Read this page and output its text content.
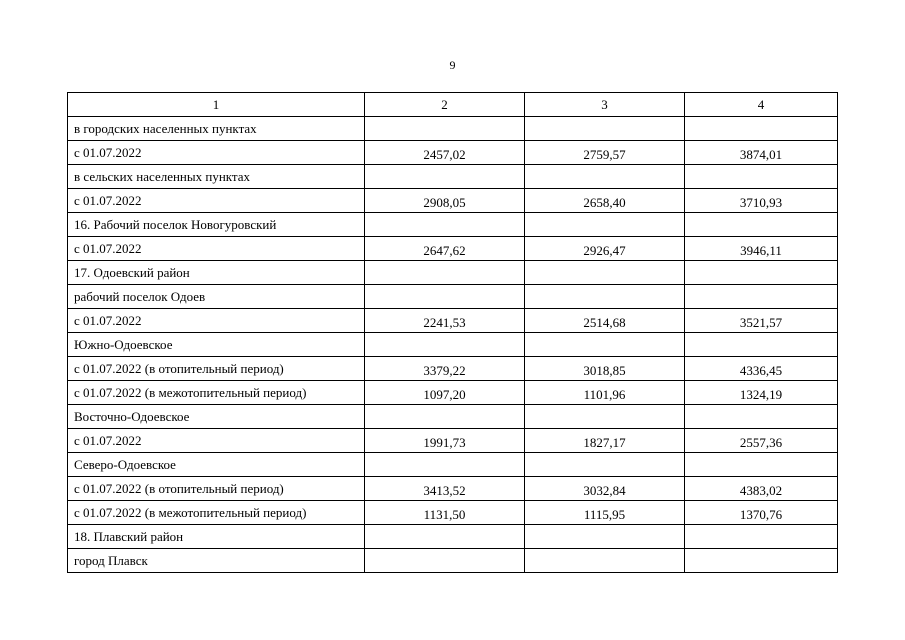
9
1	2	3	4
в городских населенных пунктах			
с 01.07.2022	2457,02	2759,57	3874,01
в сельских населенных пунктах			
с 01.07.2022	2908,05	2658,40	3710,93
16. Рабочий поселок Новогуровский			
с 01.07.2022	2647,62	2926,47	3946,11
17. Одоевский район			
рабочий поселок Одоев			
с 01.07.2022	2241,53	2514,68	3521,57
Южно-Одоевское			
с 01.07.2022 (в отопительный период)	3379,22	3018,85	4336,45
с 01.07.2022 (в межотопительный период)	1097,20	1101,96	1324,19
Восточно-Одоевское			
с 01.07.2022	1991,73	1827,17	2557,36
Северо-Одоевское			
с 01.07.2022 (в отопительный период)	3413,52	3032,84	4383,02
с 01.07.2022 (в межотопительный период)	1131,50	1115,95	1370,76
18. Плавский район			
город Плавск			
